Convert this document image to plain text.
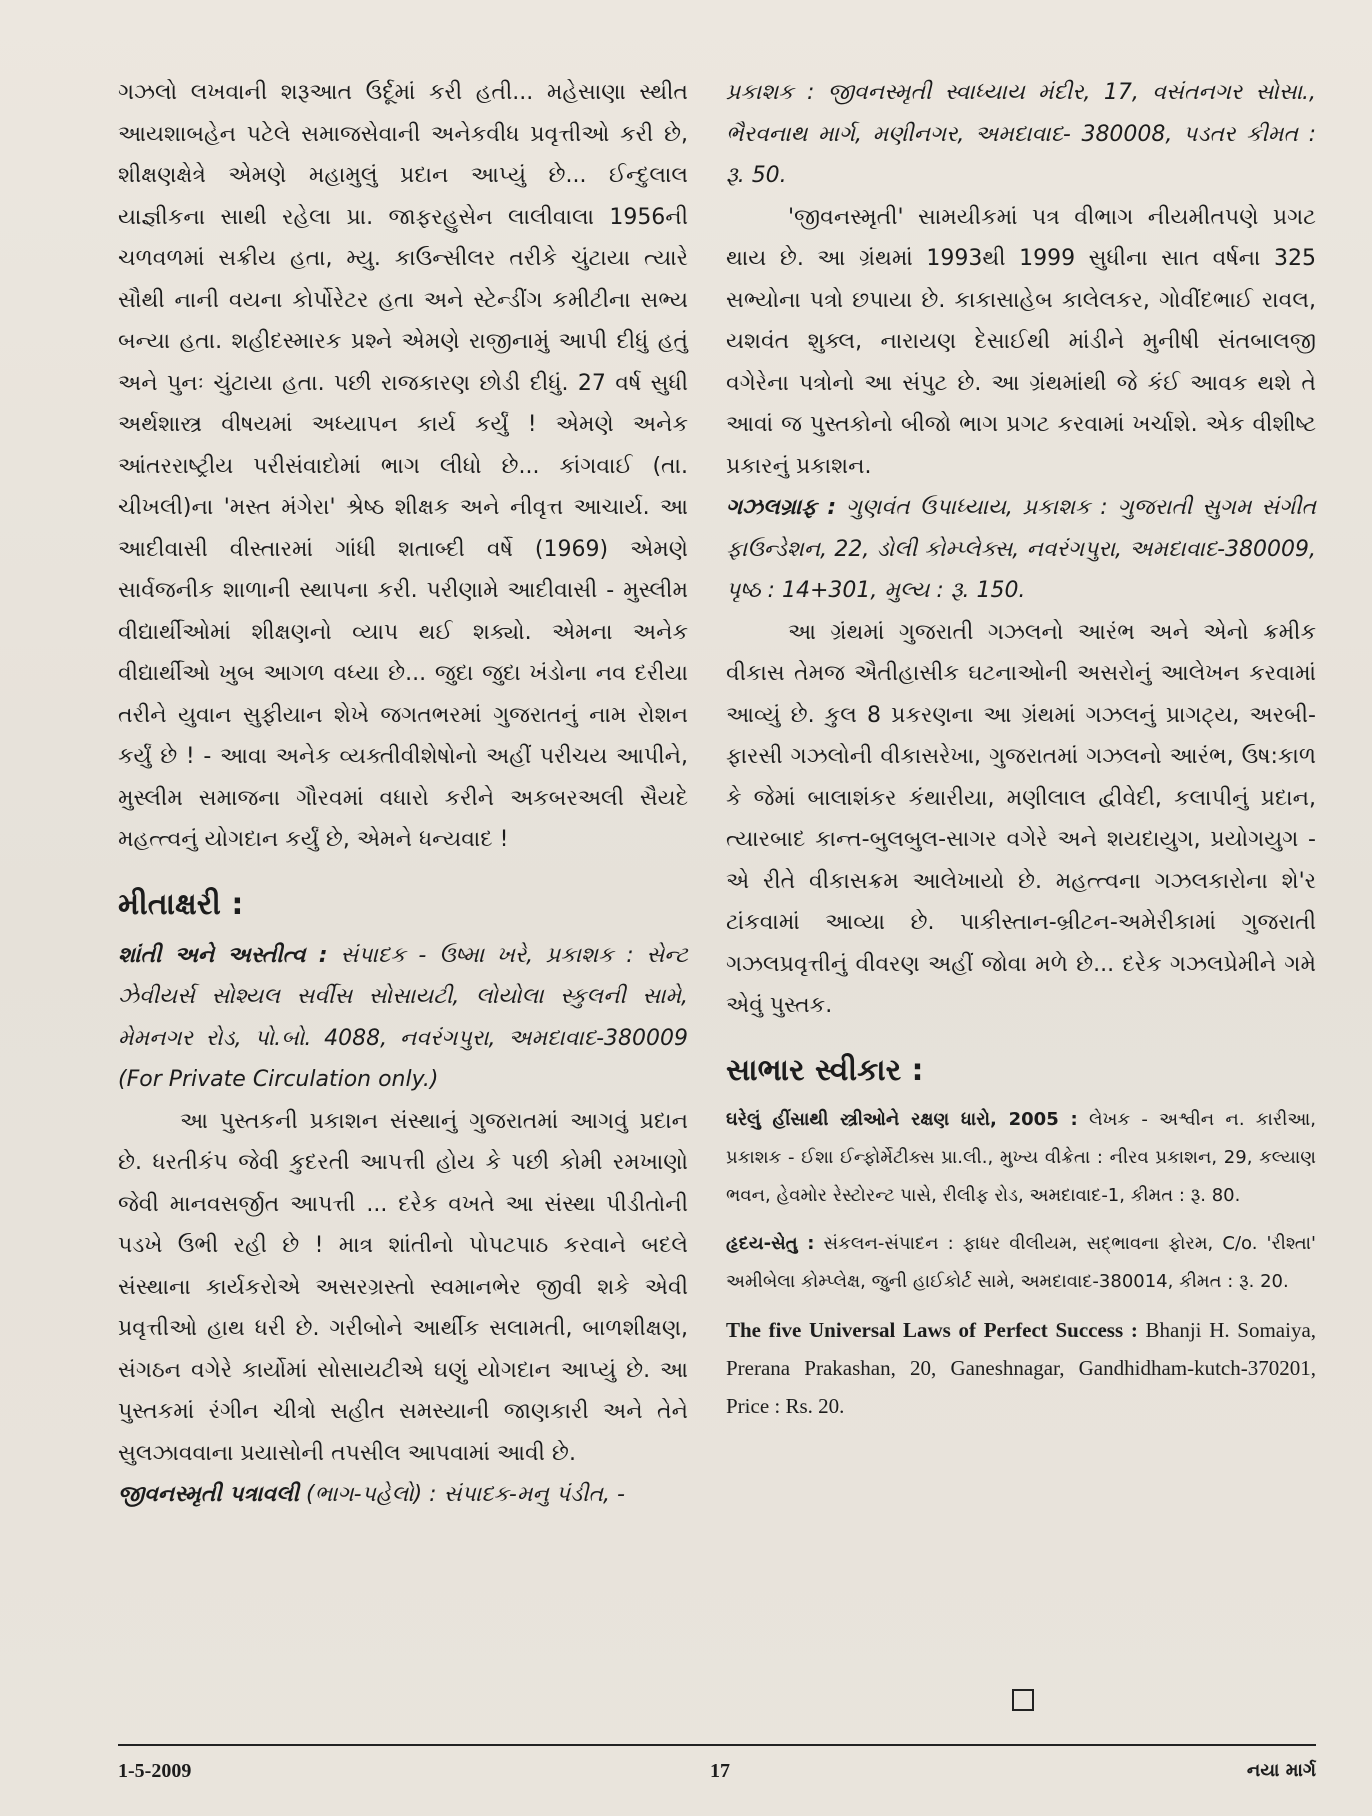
ગઝલો લખવાની શરૂઆત ઉર્દૂમાં કરી હતી... મહેસાણા સ્થીત આયશાબહેન પટેલે સમાજસેવાની અનેકવીધ પ્રવૃત્તીઓ કરી છે, શીક્ષણક્ષેત્રે એમણે મહામુલું પ્રદાન આપ્યું છે... ઈન્દુલાલ યાજ્ઞીકના સાથી રહેલા પ્રા. જાફરહુસેન લાલીવાલા 1956ની ચળવળમાં સક્રીય હતા, મ્યુ. કાઉન્સીલર તરીકે ચુંટાયા ત્યારે સૌથી નાની વયના કોર્પોરેટર હતા અને સ્ટેન્ડીંગ કમીટીના સભ્ય બન્યા હતા. શહીદસ્મારક પ્રશ્ને એમણે રાજીનામું આપી દીધું હતું અને પુનઃ ચુંટાયા હતા. પછી રાજકારણ છોડી દીધું. 27 વર્ષ સુધી અર્થશાસ્ત્ર વીષયમાં અધ્યાપન કાર્ય કર્યું ! એમણે અનેક આંતરરાષ્ટ્રીય પરીસંવાદોમાં ભાગ લીધો છે... કાંગવાઈ (તા. ચીખલી)ના 'મસ્ત મંગેરા' શ્રેષ્ઠ શીક્ષક અને નીવૃત્ત આચાર્ય. આ આદીવાસી વીસ્તારમાં ગાંધી શતાબ્દી વર્ષે (1969) એમણે સાર્વજનીક શાળાની સ્થાપના કરી. પરીણામે આદીવાસી - મુસ્લીમ વીદ્યાર્થીઓમાં શીક્ષણનો વ્યાપ થઈ શક્યો. એમના અનેક વીદ્યાર્થીઓ ખુબ આગળ વધ્યા છે... જુદા જુદા ખંડોના નવ દરીયા તરીને યુવાન સુફીયાન શેખે જગતભરમાં ગુજરાતનું નામ રોશન કર્યું છે ! - આવા અનેક વ્યક્તીવીશેષોનો અહીં પરીચય આપીને, મુસ્લીમ સમાજના ગૌરવમાં વધારો કરીને અકબરઅલી સૈયદે મહત્ત્વનું યોગદાન કર્યું છે, એમને ધન્યવાદ !

મીતાક્ષરી :

શાંતી અને અસ્તીત્વ : સંપાદક - ઉષ્મા ખરે, પ્રકાશક : સેન્ટ ઝેવીયર્સ સોશ્યલ સર્વીસ સોસાયટી, લોયોલા સ્કુલની સામે, મેમનગર રોડ, પો.બો. 4088, નવરંગપુરા, અમદાવાદ-380009 (For Private Circulation only.)

આ પુસ્તકની પ્રકાશન સંસ્થાનું ગુજરાતમાં આગવું પ્રદાન છે. ધરતીકંપ જેવી કુદરતી આપત્તી હોય કે પછી કોમી રમખાણો જેવી માનવસર્જીત આપત્તી ... દરેક વખતે આ સંસ્થા પીડીતોની પડખે ઉભી રહી છે ! માત્ર શાંતીનો પોપટપાઠ કરવાને બદલે સંસ્થાના કાર્યકરોએ અસરગ્રસ્તો સ્વમાનભેર જીવી શકે એવી પ્રવૃત્તીઓ હાથ ધરી છે. ગરીબોને આર્થીક સલામતી, બાળશીક્ષણ, સંગઠન વગેરે કાર્યોમાં સોસાયટીએ ઘણું યોગદાન આપ્યું છે. આ પુસ્તકમાં રંગીન ચીત્રો સહીત સમસ્યાની જાણકારી અને તેને સુલઝાવવાના પ્રયાસોની તપસીલ આપવામાં આવી છે.

જીવનસ્મૃતી પત્રાવલી (ભાગ-પહેલો) : સંપાદક-મનુ પંડીત, -

પ્રકાશક : જીવનસ્મૃતી સ્વાધ્યાય મંદીર, 17, વસંતનગર સોસા., ભૈરવનાથ માર્ગ, મણીનગર, અમદાવાદ- 380008, પડતર કીમત : રૂ. 50.

'જીવનસ્મૃતી' સામયીકમાં પત્ર વીભાગ નીયમીતપણે પ્રગટ થાય છે. આ ગ્રંથમાં 1993થી 1999 સુધીના સાત વર્ષના 325 સભ્યોના પત્રો છપાયા છે. કાકાસાહેબ કાલેલકર, ગોવીંદભાઈ રાવલ, યશવંત શુક્લ, નારાયણ દેસાઈથી માંડીને મુનીષી સંતબાલજી વગેરેના પત્રોનો આ સંપુટ છે. આ ગ્રંથમાંથી જે કંઈ આવક થશે તે આવાં જ પુસ્તકોનો બીજો ભાગ પ્રગટ કરવામાં ખર્ચાશે. એક વીશીષ્ટ પ્રકારનું પ્રકાશન.

ગઝલગ્રાફ : ગુણવંત ઉપાધ્યાય, પ્રકાશક : ગુજરાતી સુગમ સંગીત ફાઉન્ડેશન, 22, ડોલી કોમ્પ્લેક્સ, નવરંગપુરા, અમદાવાદ-380009, પૃષ્ઠ : 14+301, મુલ્ય : રૂ. 150.

આ ગ્રંથમાં ગુજરાતી ગઝલનો આરંભ અને એનો ક્રમીક વીકાસ તેમજ ઐતીહાસીક ઘટનાઓની અસરોનું આલેખન કરવામાં આવ્યું છે. કુલ 8 પ્રકરણના આ ગ્રંથમાં ગઝલનું પ્રાગટ્ય, અરબી-ફારસી ગઝલોની વીકાસરેખા, ગુજરાતમાં ગઝલનો આરંભ, ઉષ:કાળ કે જેમાં બાલાશંકર કંથારીયા, મણીલાલ દ્વીવેદી, કલાપીનું પ્રદાન, ત્યારબાદ કાન્ત-બુલબુલ-સાગર વગેરે અને શયદાયુગ, પ્રયોગયુગ - એ રીતે વીકાસક્રમ આલેખાયો છે. મહત્ત્વના ગઝલકારોના શે'ર ટાંકવામાં આવ્યા છે. પાકીસ્તાન-બ્રીટન-અમેરીકામાં ગુજરાતી ગઝલપ્રવૃત્તીનું વીવરણ અહીં જોવા મળે છે... દરેક ગઝલપ્રેમીને ગમે એવું પુસ્તક.

સાભાર સ્વીકાર :

ઘરેલું હીંસાથી સ્ત્રીઓને રક્ષણ ધારો, 2005 : લેખક - અશ્વીન ન. કારીઆ, પ્રકાશક - ઈશા ઈન્ફોર્મેટીક્સ પ્રા.લી., મુખ્ય વીક્રેતા : નીરવ પ્રકાશન, 29, કલ્યાણ ભવન, હેવમોર રેસ્ટોરન્ટ પાસે, રીલીફ રોડ, અમદાવાદ-1, કીમત : રૂ. 80.

હૃદય-સેતુ : સંકલન-સંપાદન : ફાધર વીલીયમ, સદ્ભાવના ફોરમ, C/o. 'રીશ્તા' અમીબેલા કોમ્પ્લેક્ષ, જુની હાઈકોર્ટ સામે, અમદાવાદ-380014, કીમત : રૂ. 20.

The five Universal Laws of Perfect Success : Bhanji H. Somaiya, Prerana Prakashan, 20, Ganeshnagar, Gandhidham-kutch-370201, Price : Rs. 20.

1-5-2009	17	નયા માર્ગ
